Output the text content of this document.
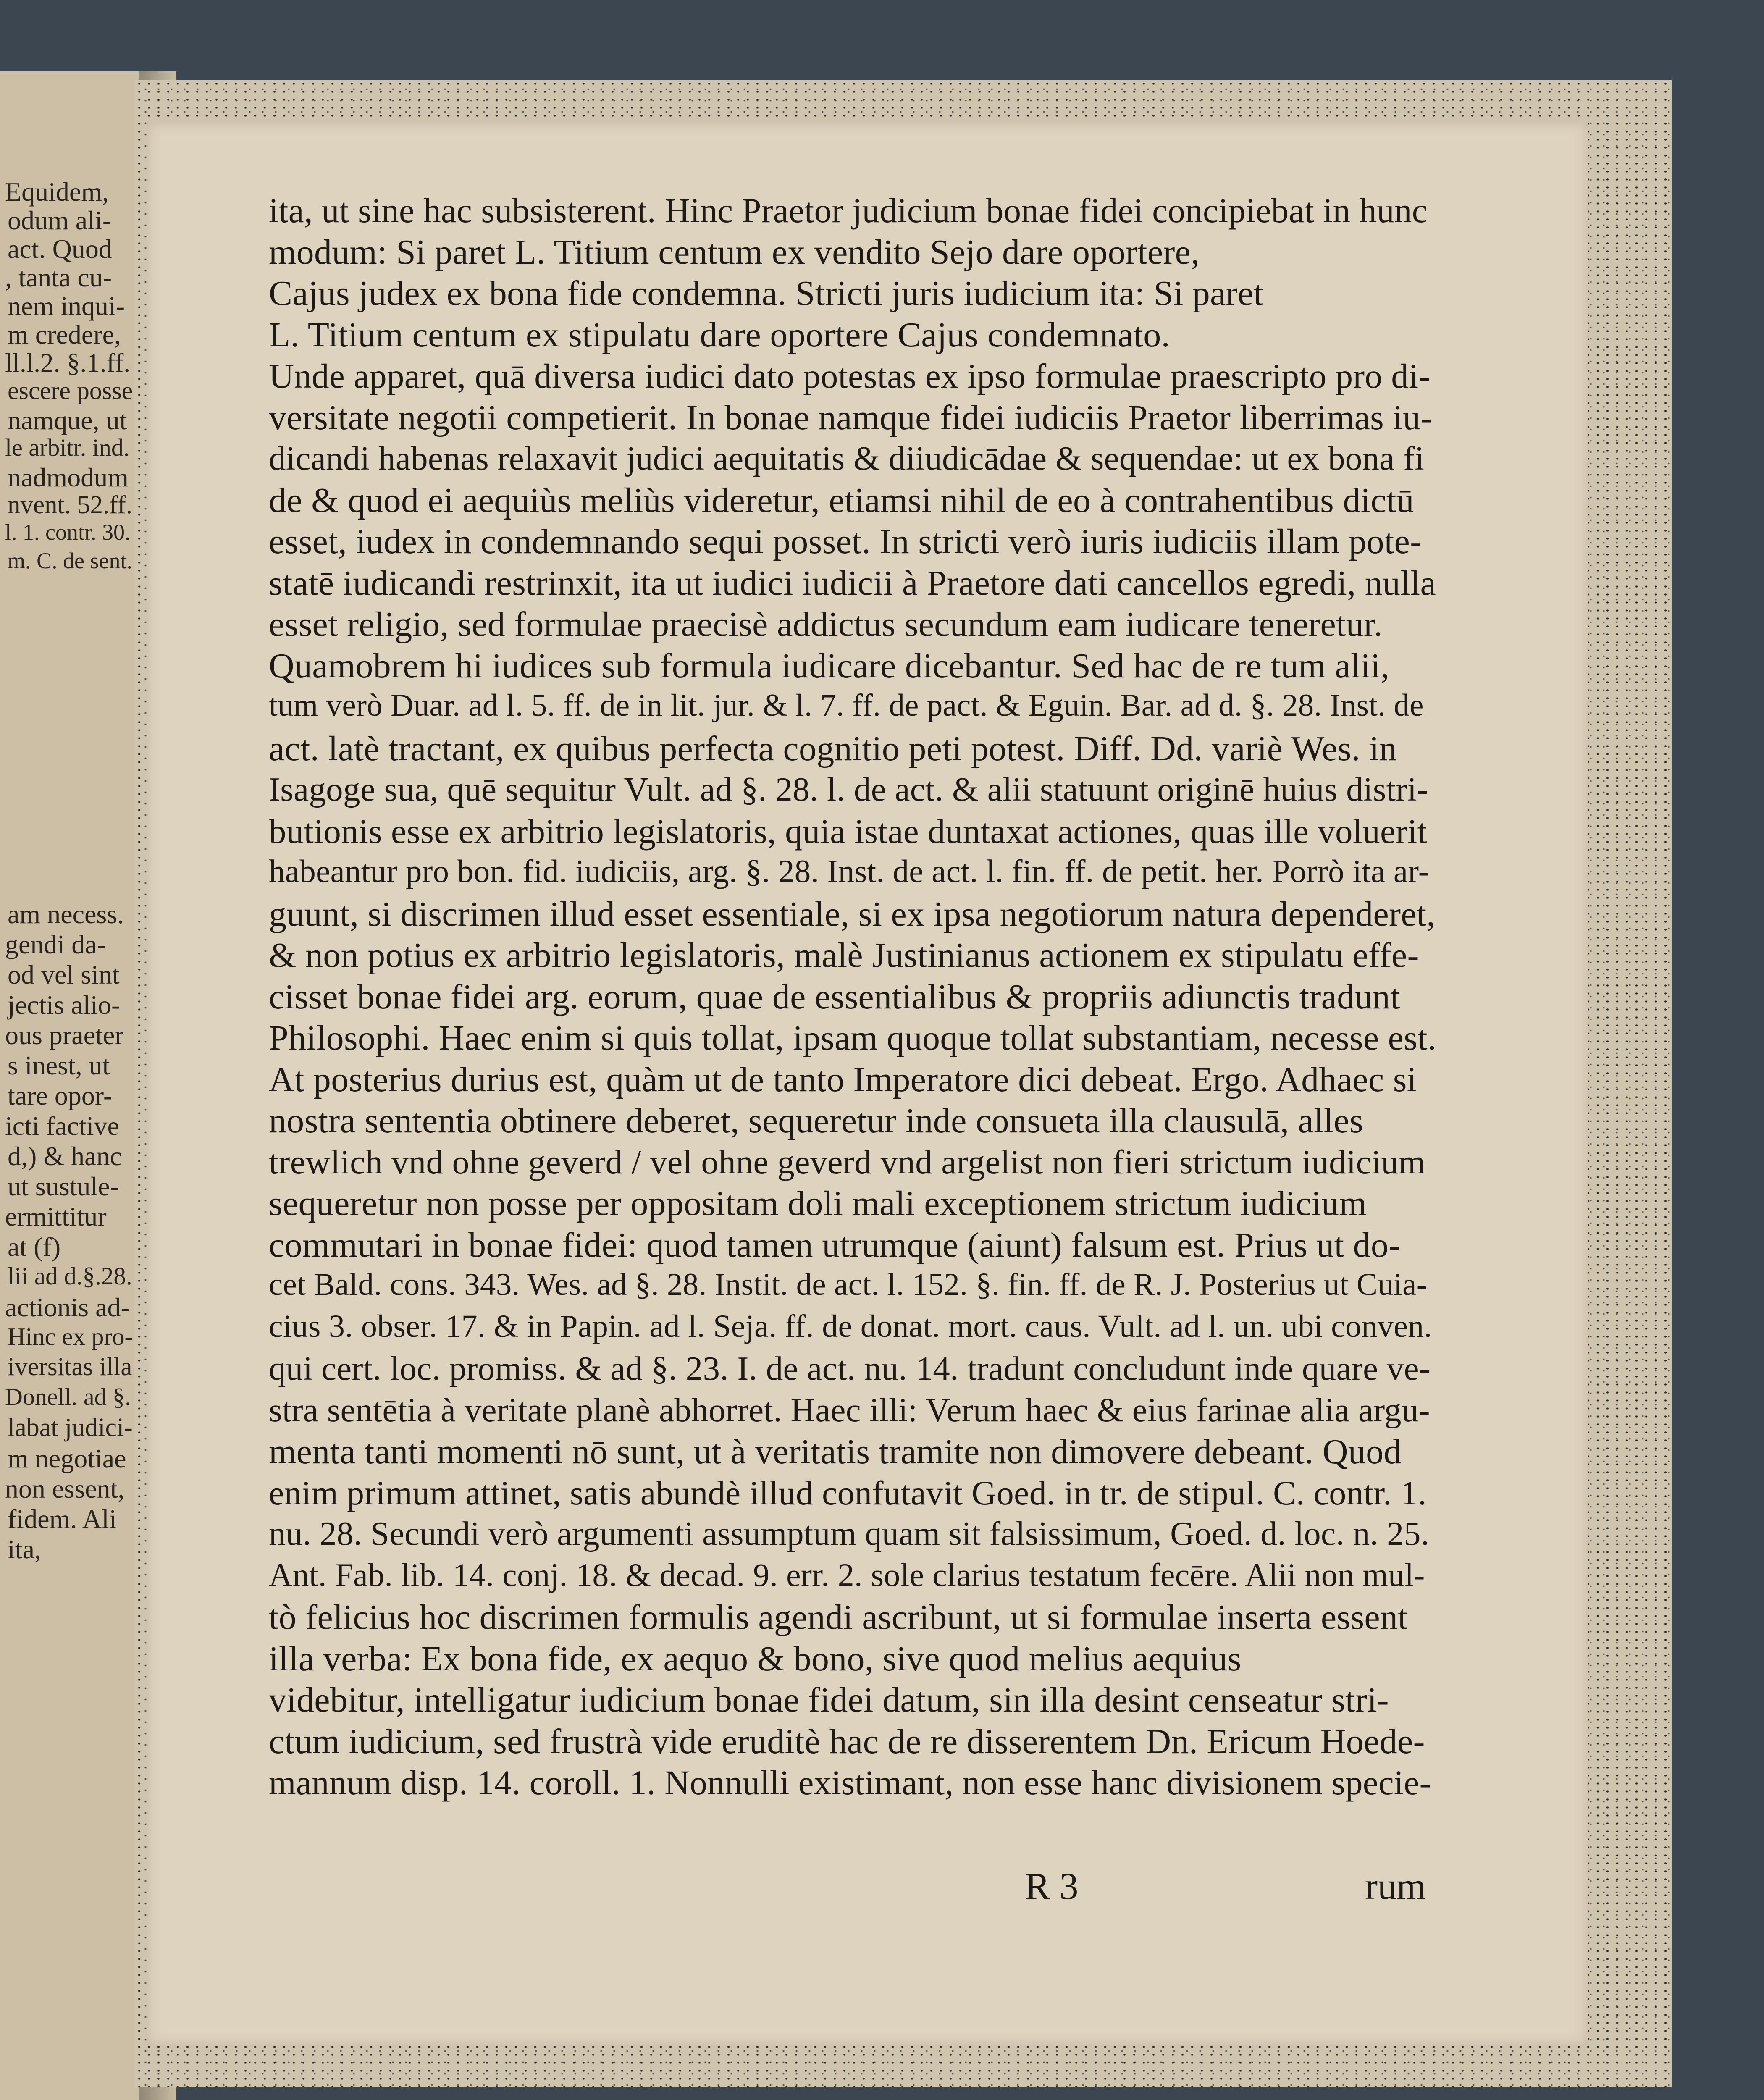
Equidem,
odum ali-
act. Quod
, tanta cu-
nem inqui-
m credere,
ll.l.2. §.1.ff.
escere posse
namque, ut
le arbitr. ind.
nadmodum
nvent. 52.ff.
l. 1. contr. 30.
m. C. de sent.
am necess.
gendi da-
od vel sint
jectis alio-
ous praeter
s inest, ut
tare opor-
icti factive
d,) & hanc
ut sustule-
ermittitur
at (f)
lii ad d.§.28.
actionis ad-
Hinc ex pro-
iversitas illa
Donell. ad §.
labat judici-
m negotiae
non essent,
fidem. Ali
ita,
ita, ut sine hac subsisterent. Hinc Praetor judicium bonae fidei concipiebat in hunc
modum: Si paret L. Titium centum ex vendito Sejo dare oportere,
Cajus judex ex bona fide condemna. Stricti juris iudicium ita: Si paret
L. Titium centum ex stipulatu dare oportere Cajus condemnato.
Unde apparet, quā diversa iudici dato potestas ex ipso formulae praescripto pro di-
versitate negotii competierit. In bonae namque fidei iudiciis Praetor liberrimas iu-
dicandi habenas relaxavit judici aequitatis & diiudicādae & sequendae: ut ex bona fi
de & quod ei aequiùs meliùs videretur, etiamsi nihil de eo à contrahentibus dictū
esset, iudex in condemnando sequi posset. In stricti verò iuris iudiciis illam pote-
statē iudicandi restrinxit, ita ut iudici iudicii à Praetore dati cancellos egredi, nulla
esset religio, sed formulae praecisè addictus secundum eam iudicare teneretur.
Quamobrem hi iudices sub formula iudicare dicebantur. Sed hac de re tum alii,
tum verò Duar. ad l. 5. ff. de in lit. jur. & l. 7. ff. de pact. & Eguin. Bar. ad d. §. 28. Inst. de
act. latè tractant, ex quibus perfecta cognitio peti potest. Diff. Dd. variè Wes. in
Isagoge sua, quē sequitur Vult. ad §. 28. l. de act. & alii statuunt originē huius distri-
butionis esse ex arbitrio legislatoris, quia istae duntaxat actiones, quas ille voluerit
habeantur pro bon. fid. iudiciis, arg. §. 28. Inst. de act. l. fin. ff. de petit. her. Porrò ita ar-
guunt, si discrimen illud esset essentiale, si ex ipsa negotiorum natura dependeret,
& non potius ex arbitrio legislatoris, malè Justinianus actionem ex stipulatu effe-
cisset bonae fidei arg. eorum, quae de essentialibus & propriis adiunctis tradunt
Philosophi. Haec enim si quis tollat, ipsam quoque tollat substantiam, necesse est.
At posterius durius est, quàm ut de tanto Imperatore dici debeat. Ergo. Adhaec si
nostra sententia obtinere deberet, sequeretur inde consueta illa clausulā, alles
trewlich vnd ohne geverd / vel ohne geverd vnd argelist non fieri strictum iudicium
sequeretur non posse per oppositam doli mali exceptionem strictum iudicium
commutari in bonae fidei: quod tamen utrumque (aiunt) falsum est. Prius ut do-
cet Bald. cons. 343. Wes. ad §. 28. Instit. de act. l. 152. §. fin. ff. de R. J. Posterius ut Cuia-
cius 3. obser. 17. & in Papin. ad l. Seja. ff. de donat. mort. caus. Vult. ad l. un. ubi conven.
qui cert. loc. promiss. & ad §. 23. I. de act. nu. 14. tradunt concludunt inde quare ve-
stra sentētia à veritate planè abhorret. Haec illi: Verum haec & eius farinae alia argu-
menta tanti momenti nō sunt, ut à veritatis tramite non dimovere debeant. Quod
enim primum attinet, satis abundè illud confutavit Goed. in tr. de stipul. C. contr. 1.
nu. 28. Secundi verò argumenti assumptum quam sit falsissimum, Goed. d. loc. n. 25.
Ant. Fab. lib. 14. conj. 18. & decad. 9. err. 2. sole clarius testatum fecēre. Alii non mul-
tò felicius hoc discrimen formulis agendi ascribunt, ut si formulae inserta essent
illa verba: Ex bona fide, ex aequo & bono, sive quod melius aequius
videbitur, intelligatur iudicium bonae fidei datum, sin illa desint censeatur stri-
ctum iudicium, sed frustrà vide eruditè hac de re disserentem Dn. Ericum Hoede-
mannum disp. 14. coroll. 1. Nonnulli existimant, non esse hanc divisionem specie-
R 3	rum
